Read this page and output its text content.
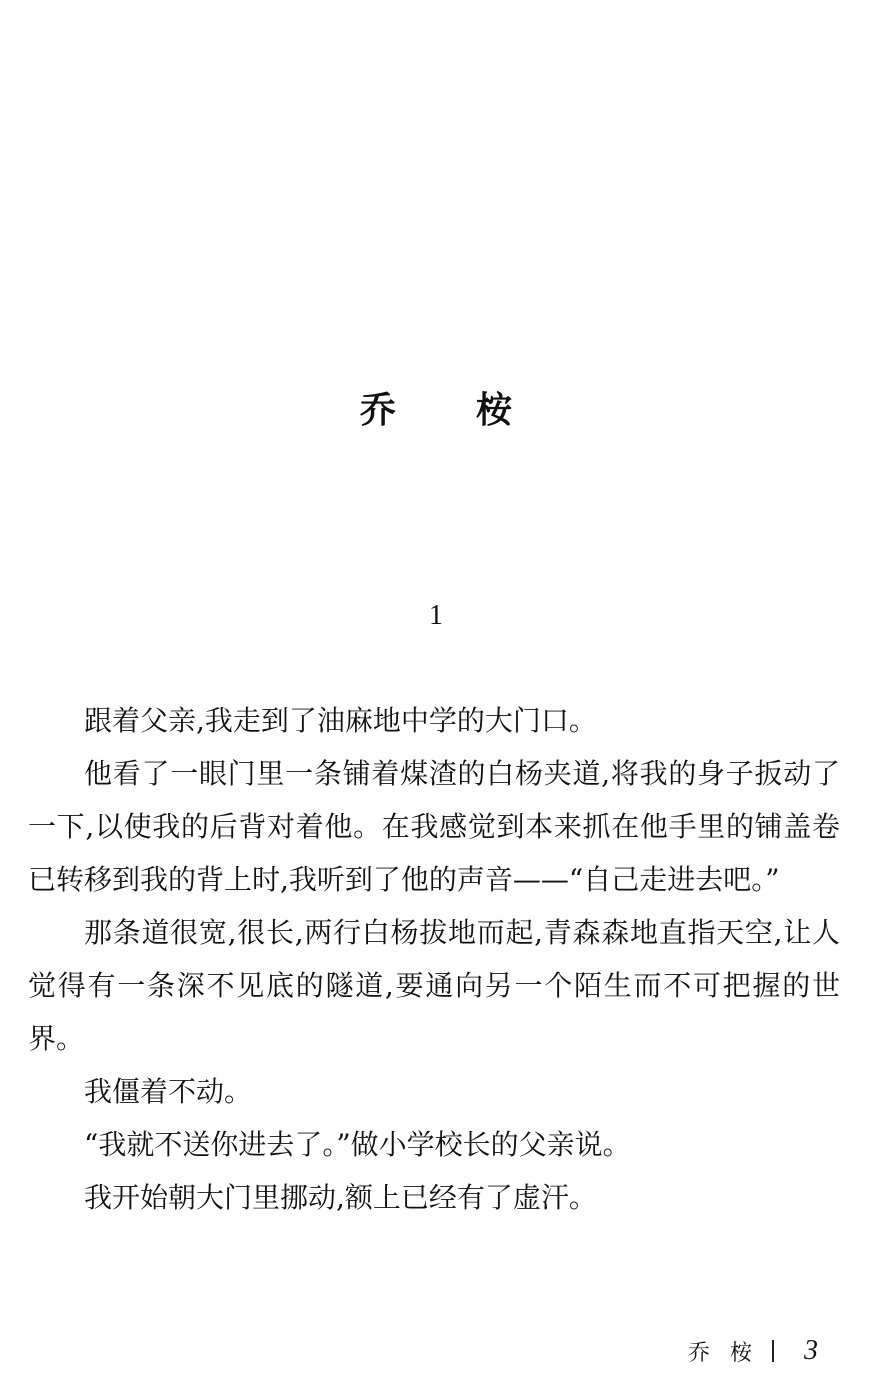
乔 桉
1

跟着父亲,我走到了油麻地中学的大门口。

他看了一眼门里一条铺着煤渣的白杨夹道,将我的身子扳动了一下,以使我的后背对着他。在我感觉到本来抓在他手里的铺盖卷已转移到我的背上时,我听到了他的声音——“自己走进去吧。”

那条道很宽,很长,两行白杨拔地而起,青森森地直指天空,让人觉得有一条深不见底的隧道,要通向另一个陌生而不可把握的世界。

我僵着不动。

“我就不送你进去了。”做小学校长的父亲说。

我开始朝大门里挪动,额上已经有了虚汗。

乔桉 3
